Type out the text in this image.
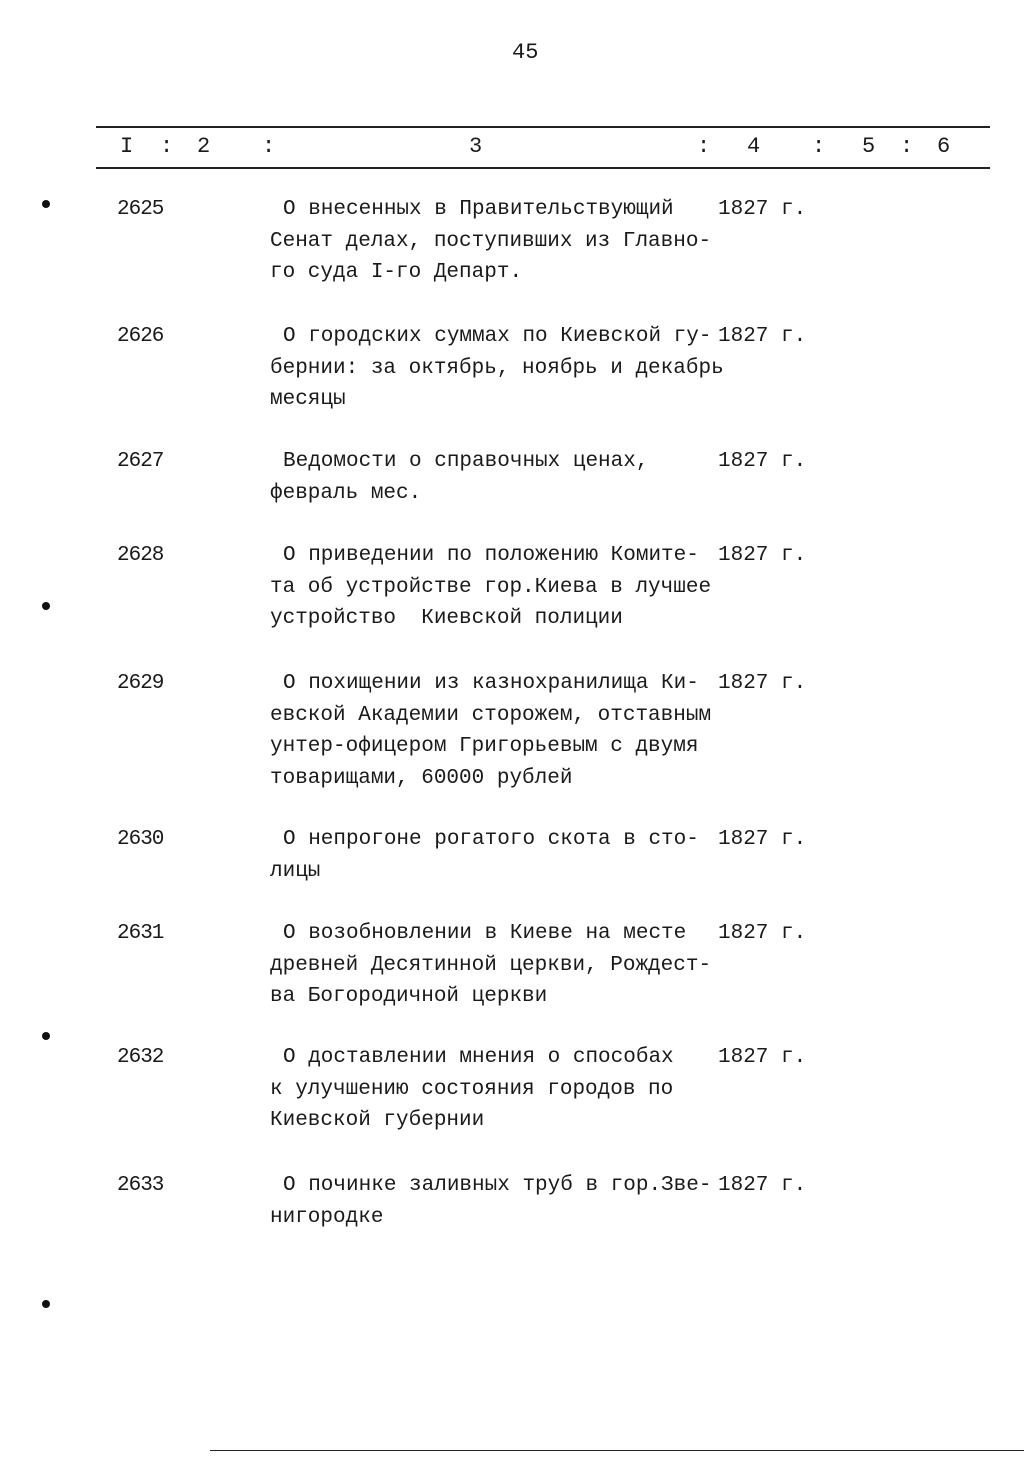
45
I : 2 :	3	: 4 : 5 : 6
2625	О внесенных в Правительствующий
Сенат делах, поступивших из Главно-
го суда I-го Департ.
1827 г.
2626	О городских суммах по Киевской гу-
бернии: за октябрь, ноябрь и декабрь
месяцы
1827 г.
2627	Ведомости о справочных ценах,
февраль мес.
1827 г.
2628	О приведении по положению Комите-
та об устройстве гор.Киева в лучшее
устройство  Киевской полиции
1827 г.
2629	О похищении из казнохранилища Ки-
евской Академии сторожем, отставным
унтер-офицером Григорьевым с двумя
товарищами, 60000 рублей
1827 г.
2630	О непрогоне рогатого скота в сто-
лицы
1827 г.
2631	О возобновлении в Киеве на месте
древней Десятинной церкви, Рождест-
ва Богородичной церкви
1827 г.
2632	О доставлении мнения о способах
к улучшению состояния городов по
Киевской губернии
1827 г.
2633	О починке заливных труб в гор.Зве-
нигородке
1827 г.
